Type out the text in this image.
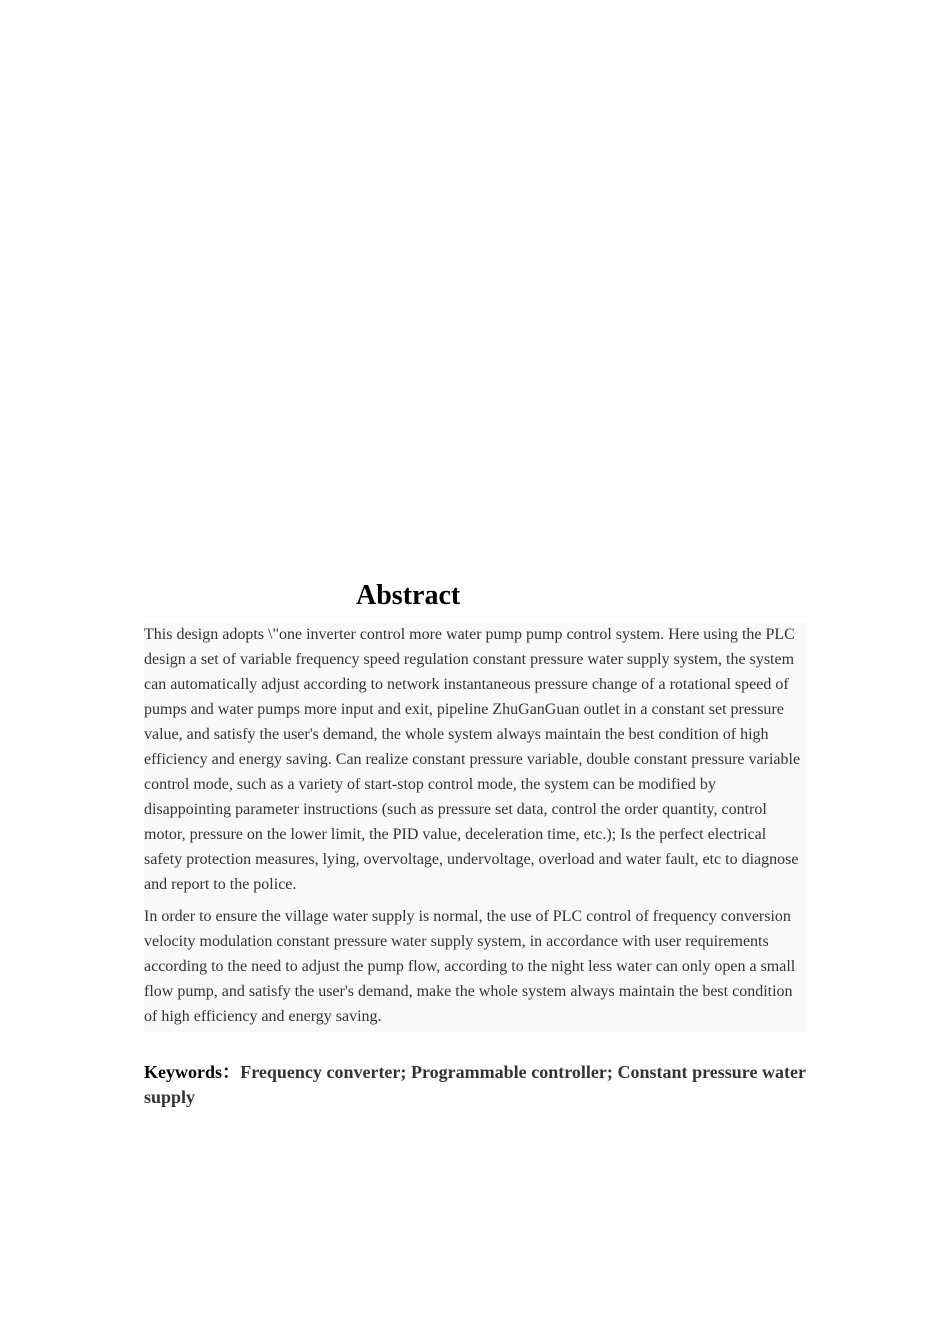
Abstract

This design adopts \"one inverter control more water pump pump control system. Here using the PLC design a set of variable frequency speed regulation constant pressure water supply system, the system can automatically adjust according to network instantaneous pressure change of a rotational speed of pumps and water pumps more input and exit, pipeline ZhuGanGuan outlet in a constant set pressure value, and satisfy the user's demand, the whole system always maintain the best condition of high efficiency and energy saving. Can realize constant pressure variable, double constant pressure variable control mode, such as a variety of start-stop control mode, the system can be modified by disappointing parameter instructions (such as pressure set data, control the order quantity, control motor, pressure on the lower limit, the PID value, deceleration time, etc.); Is the perfect electrical safety protection measures, lying, overvoltage, undervoltage, overload and water fault, etc to diagnose and report to the police.

In order to ensure the village water supply is normal, the use of PLC control of frequency conversion velocity modulation constant pressure water supply system, in accordance with user requirements according to the need to adjust the pump flow, according to the night less water can only open a small flow pump, and satisfy the user's demand, make the whole system always maintain the best condition of high efficiency and energy saving.

Keywords：Frequency converter; Programmable controller; Constant pressure water supply
